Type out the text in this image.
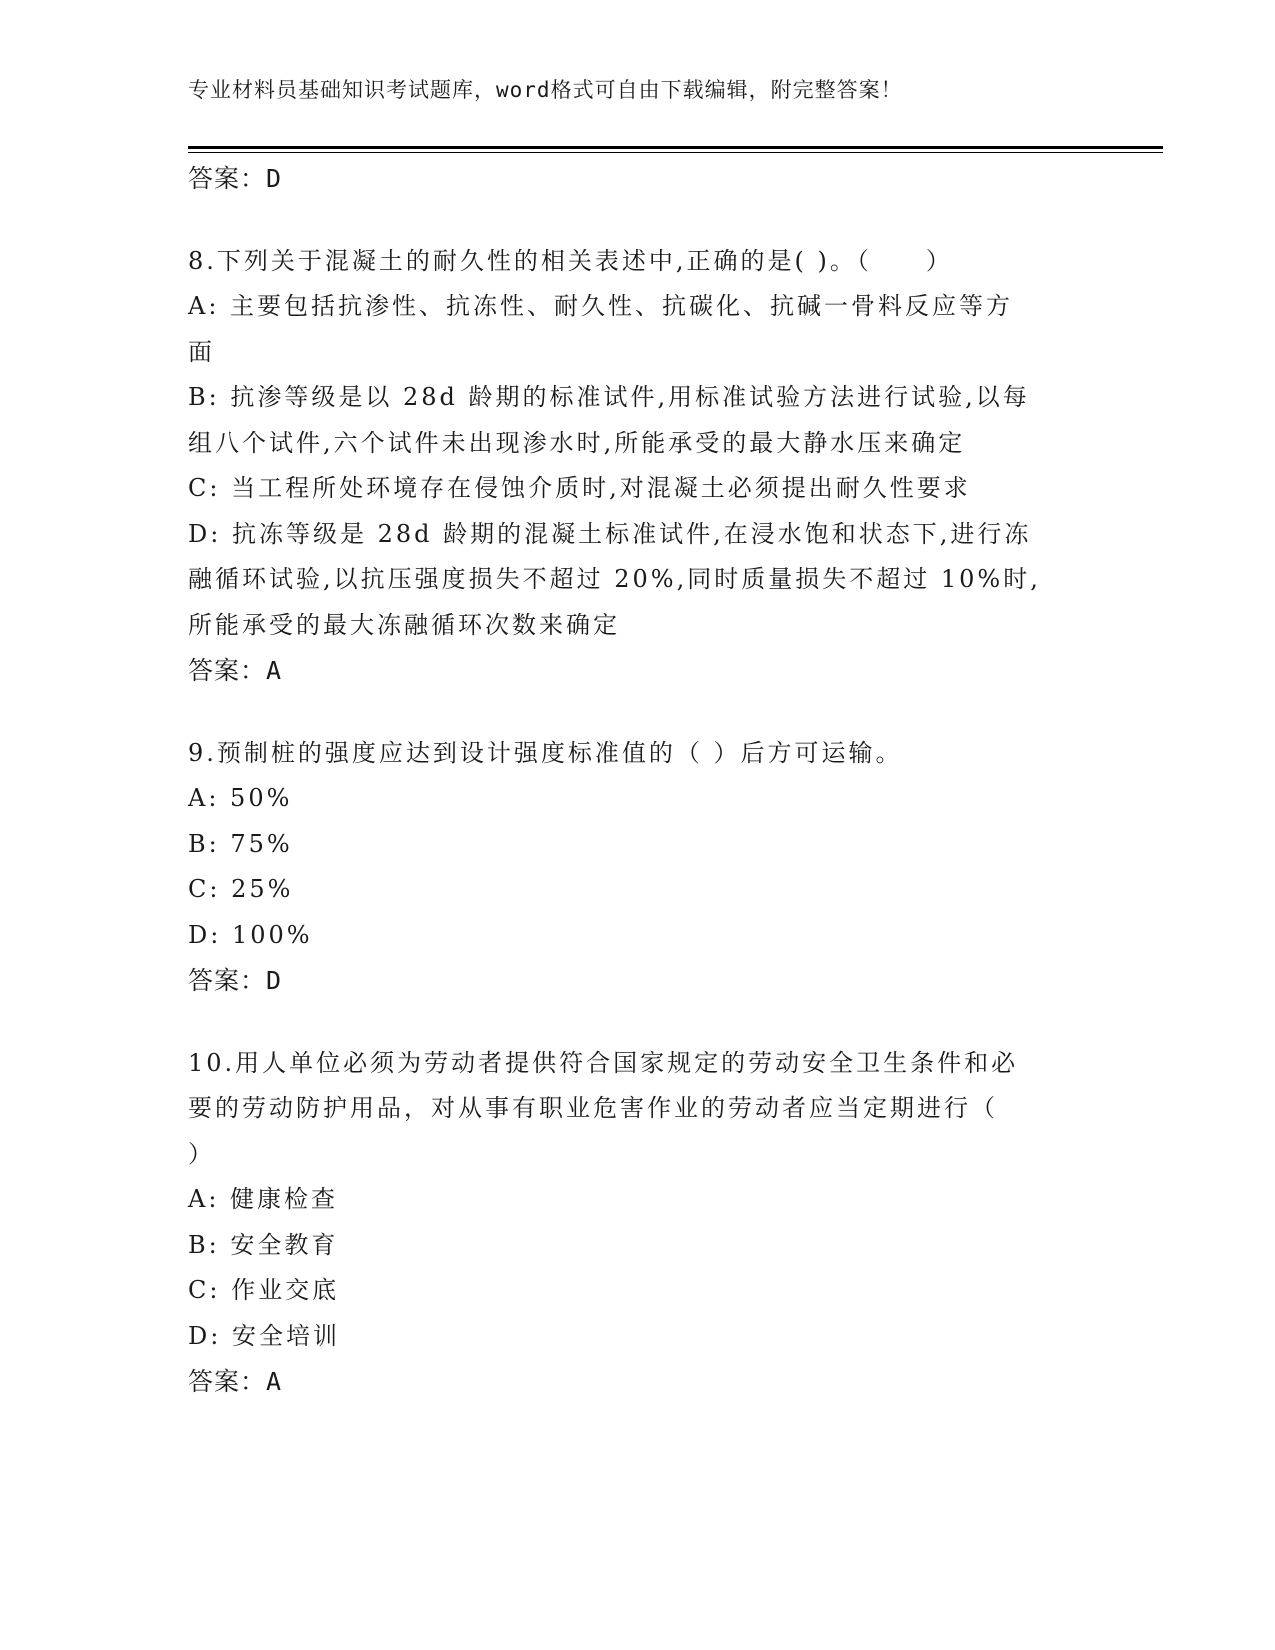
专业材料员基础知识考试题库，word格式可自由下载编辑，附完整答案！
答案：D
8.下列关于混凝土的耐久性的相关表述中,正确的是( )。（　　）
A: 主要包括抗渗性、抗冻性、耐久性、抗碳化、抗碱一骨料反应等方
面
B: 抗渗等级是以 28d 龄期的标准试件,用标准试验方法进行试验,以每
组八个试件,六个试件未出现渗水时,所能承受的最大静水压来确定
C: 当工程所处环境存在侵蚀介质时,对混凝土必须提出耐久性要求
D: 抗冻等级是 28d 龄期的混凝土标准试件,在浸水饱和状态下,进行冻
融循环试验,以抗压强度损失不超过 20%,同时质量损失不超过 10%时,
所能承受的最大冻融循环次数来确定
答案：A
9.预制桩的强度应达到设计强度标准值的（ ）后方可运输。
A: 50%
B: 75%
C: 25%
D: 100%
答案：D
10.用人单位必须为劳动者提供符合国家规定的劳动安全卫生条件和必
要的劳动防护用品，对从事有职业危害作业的劳动者应当定期进行（
）
A: 健康检查
B: 安全教育
C: 作业交底
D: 安全培训
答案：A
